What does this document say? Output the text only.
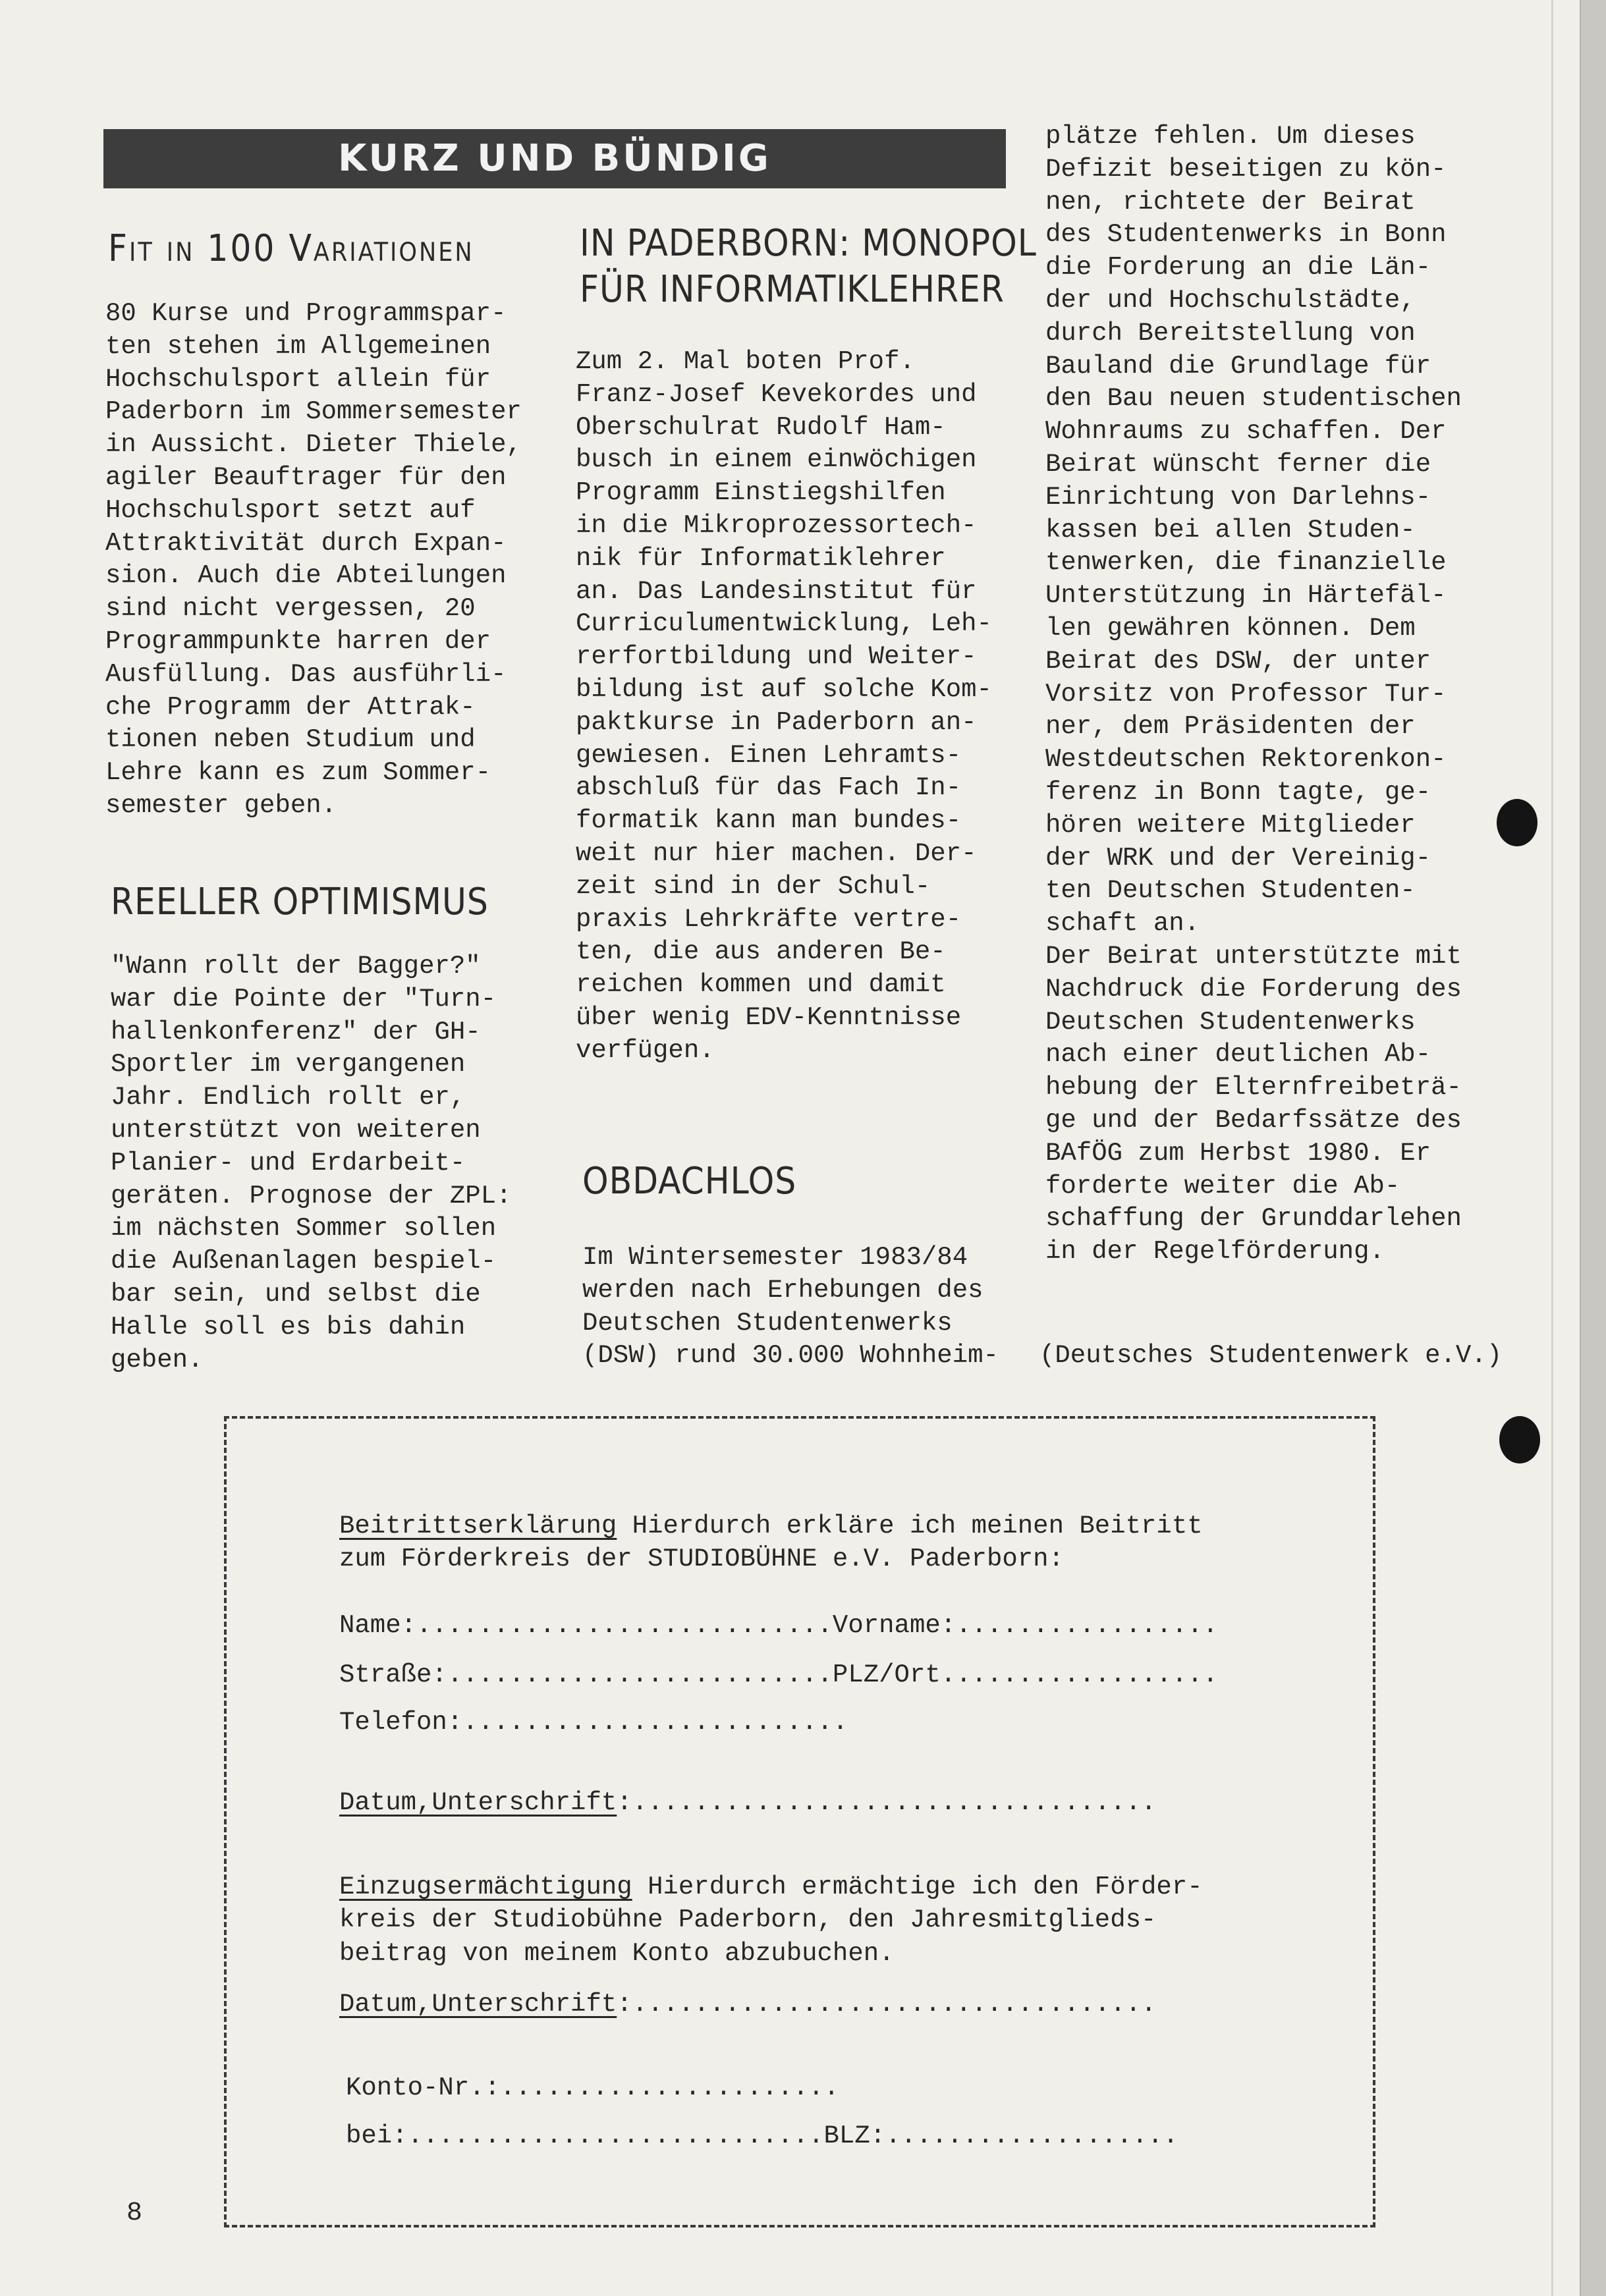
KURZ UND BÜNDIG
Fit in 100 Variationen
80 Kurse und Programmspar-
ten stehen im Allgemeinen
Hochschulsport allein für
Paderborn im Sommersemester
in Aussicht. Dieter Thiele,
agiler Beauftrager für den
Hochschulsport setzt auf
Attraktivität durch Expan-
sion. Auch die Abteilungen
sind nicht vergessen, 20
Programmpunkte harren der
Ausfüllung. Das ausführli-
che Programm der Attrak-
tionen neben Studium und
Lehre kann es zum Sommer-
semester geben.
REELLER OPTIMISMUS
"Wann rollt der Bagger?"
war die Pointe der "Turn-
hallenkonferenz" der GH-
Sportler im vergangenen
Jahr. Endlich rollt er,
unterstützt von weiteren
Planier- und Erdarbeit-
geräten. Prognose der ZPL:
im nächsten Sommer sollen
die Außenanlagen bespiel-
bar sein, und selbst die
Halle soll es bis dahin
geben.
IN PADERBORN: MONOPOL
FÜR INFORMATIKLEHRER
Zum 2. Mal boten Prof.
Franz-Josef Kevekordes und
Oberschulrat Rudolf Ham-
busch in einem einwöchigen
Programm Einstiegshilfen
in die Mikroprozessortech-
nik für Informatiklehrer
an. Das Landesinstitut für
Curriculumentwicklung, Leh-
rerfortbildung und Weiter-
bildung ist auf solche Kom-
paktkurse in Paderborn an-
gewiesen. Einen Lehramts-
abschluß für das Fach In-
formatik kann man bundes-
weit nur hier machen. Der-
zeit sind in der Schul-
praxis Lehrkräfte vertre-
ten, die aus anderen Be-
reichen kommen und damit
über wenig EDV-Kenntnisse
verfügen.
OBDACHLOS
Im Wintersemester 1983/84
werden nach Erhebungen des
Deutschen Studentenwerks
(DSW) rund 30.000 Wohnheim-
plätze fehlen. Um dieses
Defizit beseitigen zu kön-
nen, richtete der Beirat
des Studentenwerks in Bonn
die Forderung an die Län-
der und Hochschulstädte,
durch Bereitstellung von
Bauland die Grundlage für
den Bau neuen studentischen
Wohnraums zu schaffen. Der
Beirat wünscht ferner die
Einrichtung von Darlehns-
kassen bei allen Studen-
tenwerken, die finanzielle
Unterstützung in Härtefäl-
len gewähren können. Dem
Beirat des DSW, der unter
Vorsitz von Professor Tur-
ner, dem Präsidenten der
Westdeutschen Rektorenkon-
ferenz in Bonn tagte, ge-
hören weitere Mitglieder
der WRK und der Vereinig-
ten Deutschen Studenten-
schaft an.
Der Beirat unterstützte mit
Nachdruck die Forderung des
Deutschen Studentenwerks
nach einer deutlichen Ab-
hebung der Elternfreibeträ-
ge und der Bedarfssätze des
BAfÖG zum Herbst 1980. Er
forderte weiter die Ab-
schaffung der Grunddarlehen
in der Regelförderung.
(Deutsches Studentenwerk e.V.)
Beitrittserklärung Hierdurch erkläre ich meinen Beitritt
zum Förderkreis der STUDIOBÜHNE e.V. Paderborn:
Name:...........................Vorname:.................
Straße:.........................PLZ/Ort..................
Telefon:.........................
Datum,Unterschrift:..................................
Einzugsermächtigung Hierdurch ermächtige ich den Förder-
kreis der Studiobühne Paderborn, den Jahresmitglieds-
beitrag von meinem Konto abzubuchen.
Datum,Unterschrift:..................................
Konto-Nr.:......................
bei:...........................BLZ:...................
8
